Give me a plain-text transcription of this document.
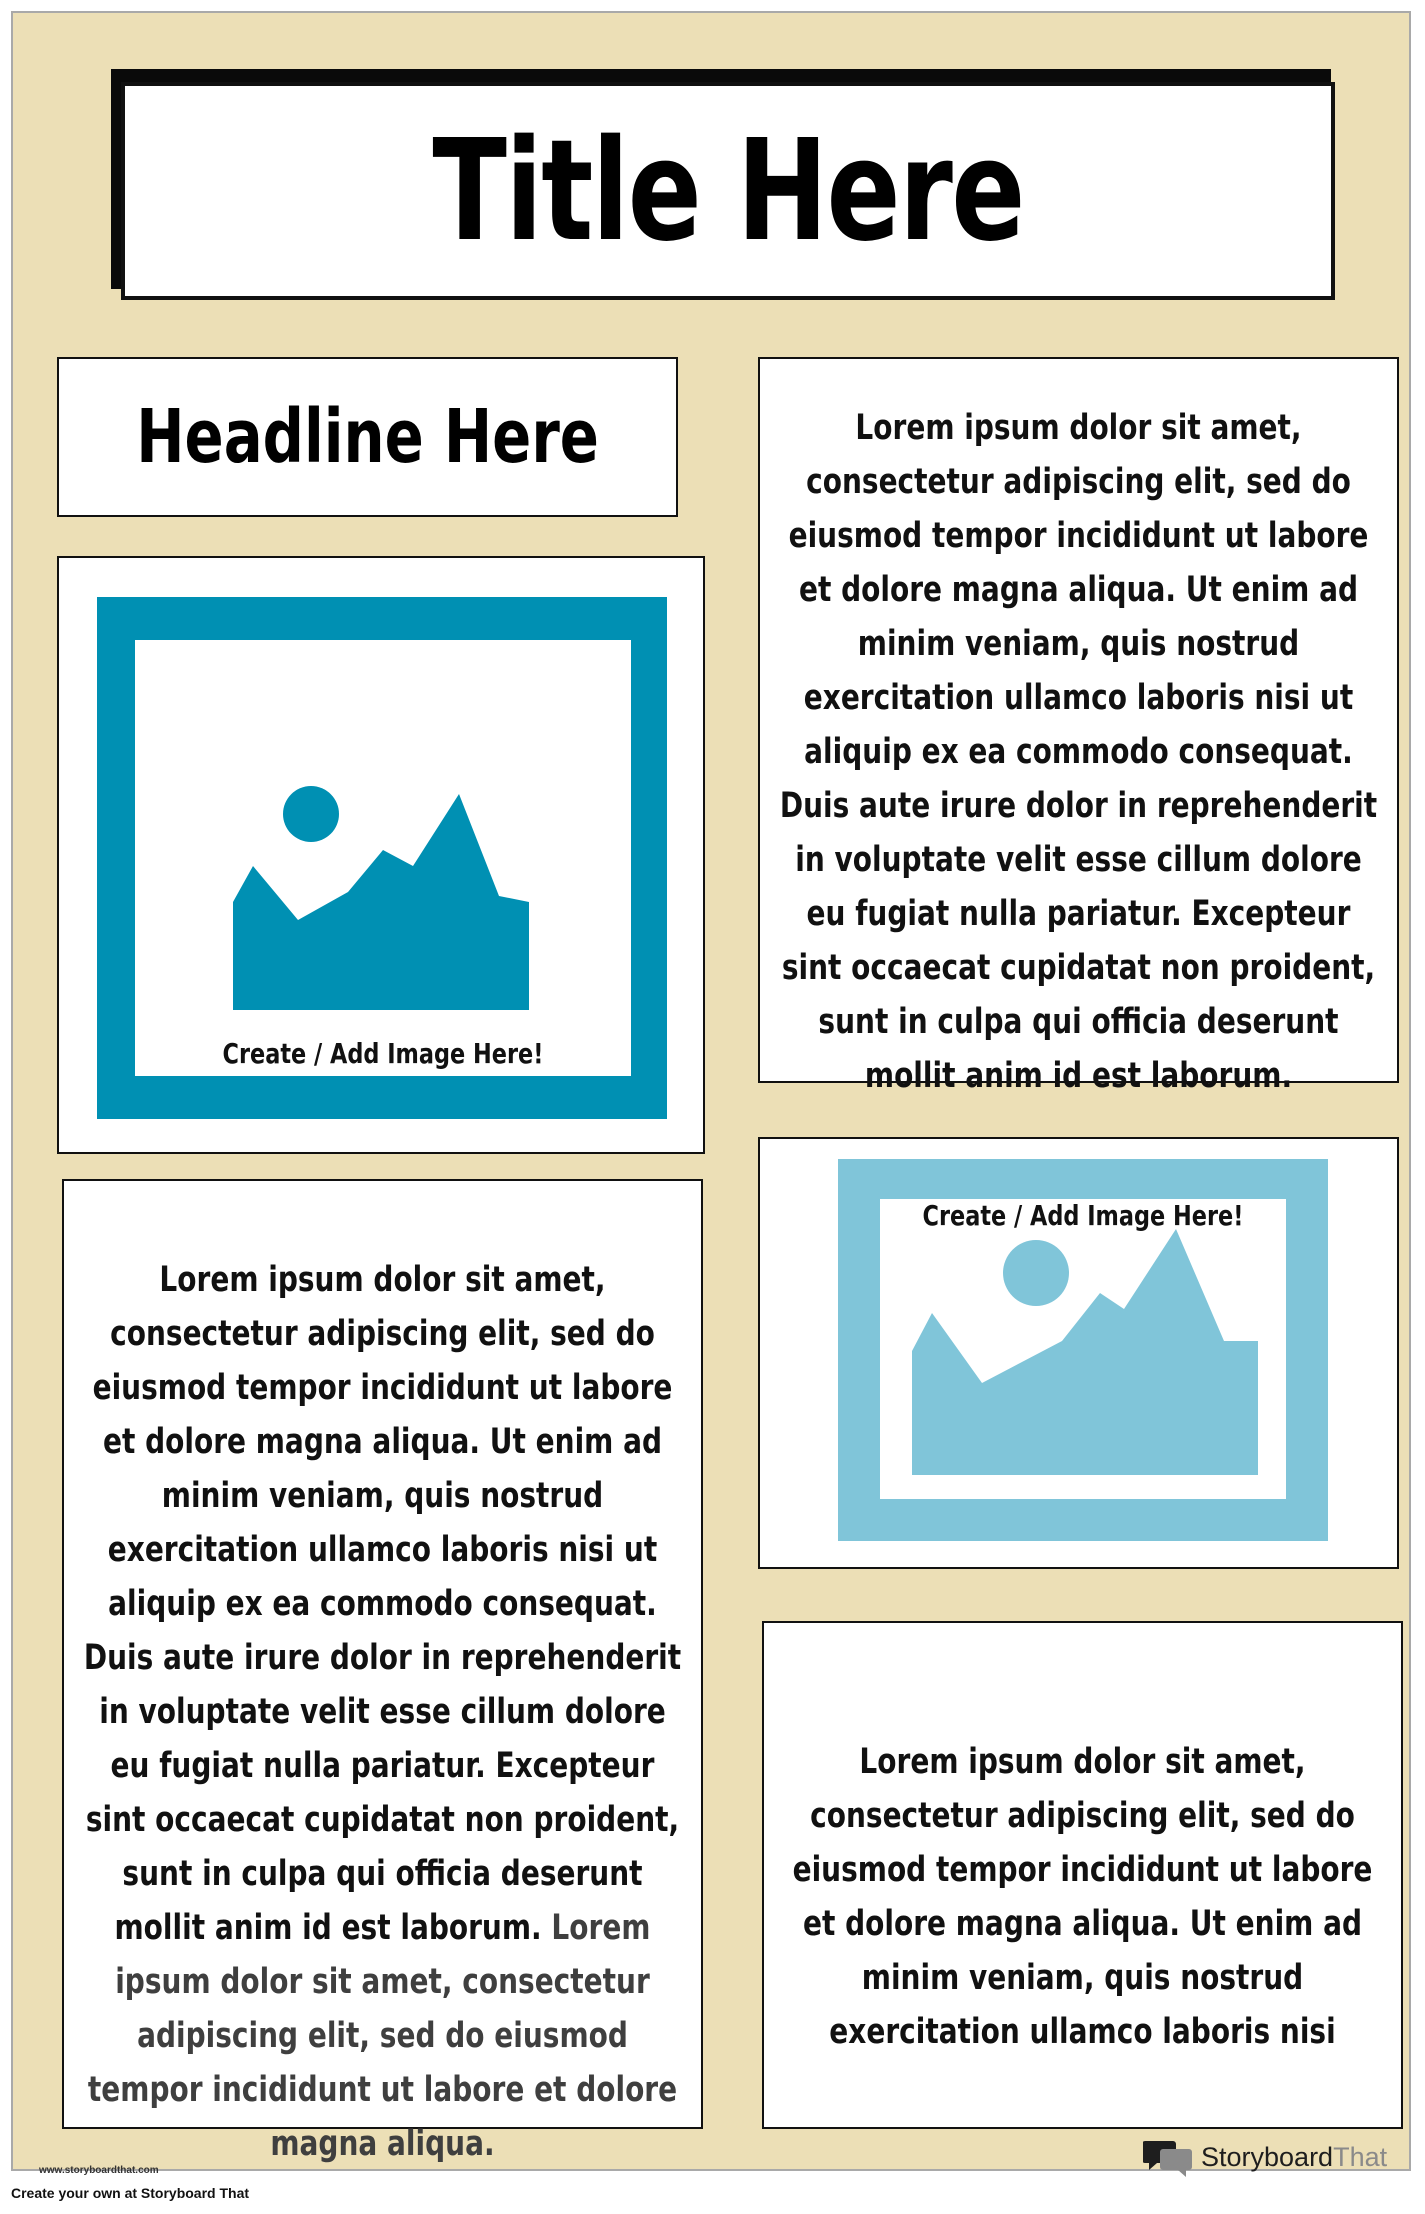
Title Here
Headline Here	Lorem ipsum dolor sit amet, consectetur adipiscing elit, sed do eiusmod tempor incididunt ut labore et dolore magna aliqua. Ut enim ad minim veniam, quis nostrud exercitation ullamco laboris nisi ut aliquip ex ea commodo consequat. Duis aute irure dolor in reprehenderit in voluptate velit esse cillum dolore eu fugiat nulla pariatur. Excepteur sint occaecat cupidatat non proident, sunt in culpa qui officia deserunt mollit anim id est laborum.
Create / Add Image Here!
Lorem ipsum dolor sit amet, consectetur adipiscing elit, sed do eiusmod tempor incididunt ut labore et dolore magna aliqua. Ut enim ad minim veniam, quis nostrud exercitation ullamco laboris nisi ut aliquip ex ea commodo consequat. Duis aute irure dolor in reprehenderit in voluptate velit esse cillum dolore eu fugiat nulla pariatur. Excepteur sint occaecat cupidatat non proident, sunt in culpa qui officia deserunt mollit anim id est laborum. Lorem ipsum dolor sit amet, consectetur adipiscing elit, sed do eiusmod tempor incididunt ut labore et dolore magna aliqua.
Create / Add Image Here!
Lorem ipsum dolor sit amet, consectetur adipiscing elit, sed do eiusmod tempor incididunt ut labore et dolore magna aliqua. Ut enim ad minim veniam, quis nostrud exercitation ullamco laboris nisi
www.storyboardthat.com	StoryboardThat
Create your own at Storyboard That
